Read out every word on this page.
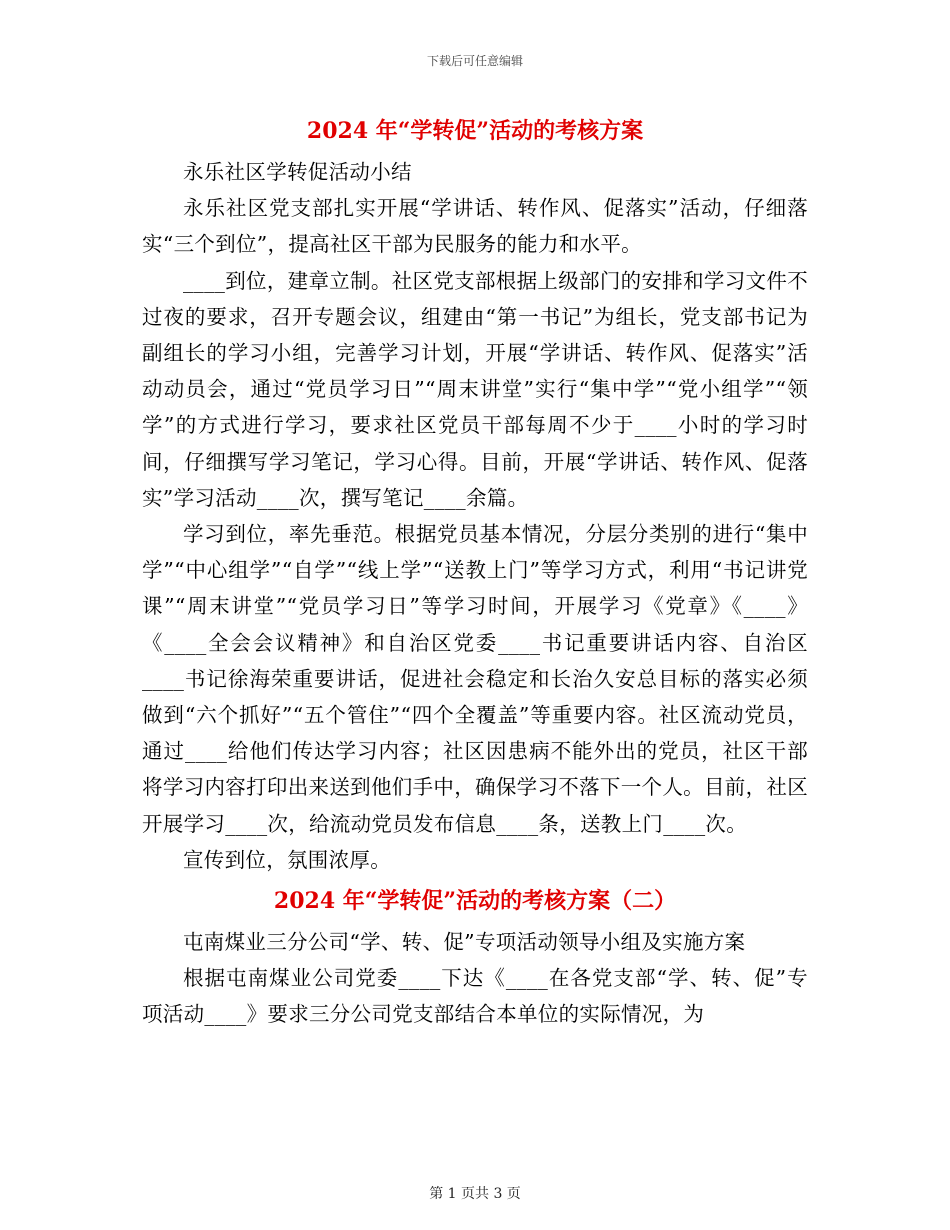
下载后可任意编辑
2024 年“学转促”活动的考核方案

永乐社区学转促活动小结

永乐社区党支部扎实开展“学讲话、转作风、促落实”活动，仔细落实“三个到位”，提高社区干部为民服务的能力和水平。

____到位，建章立制。社区党支部根据上级部门的安排和学习文件不过夜的要求，召开专题会议，组建由“第一书记”为组长，党支部书记为副组长的学习小组，完善学习计划，开展“学讲话、转作风、促落实”活动动员会，通过“党员学习日”“周末讲堂”实行“集中学”“党小组学”“领学”的方式进行学习，要求社区党员干部每周不少于____小时的学习时间，仔细撰写学习笔记，学习心得。目前，开展“学讲话、转作风、促落实”学习活动____次，撰写笔记____余篇。

学习到位，率先垂范。根据党员基本情况，分层分类别的进行“集中学”“中心组学”“自学”“线上学”“送教上门”等学习方式，利用“书记讲党课”“周末讲堂”“党员学习日”等学习时间，开展学习《党章》《____》《____全会会议精神》和自治区党委____书记重要讲话内容、自治区____书记徐海荣重要讲话，促进社会稳定和长治久安总目标的落实必须做到“六个抓好”“五个管住”“四个全覆盖”等重要内容。社区流动党员，通过____给他们传达学习内容；社区因患病不能外出的党员，社区干部将学习内容打印出来送到他们手中，确保学习不落下一个人。目前，社区开展学习____次，给流动党员发布信息____条，送教上门____次。

宣传到位，氛围浓厚。

2024 年“学转促”活动的考核方案（二）

屯南煤业三分公司“学、转、促”专项活动领导小组及实施方案

根据屯南煤业公司党委____下达《____在各党支部“学、转、促”专项活动____》要求三分公司党支部结合本单位的实际情况，为

第 1 页共 3 页
